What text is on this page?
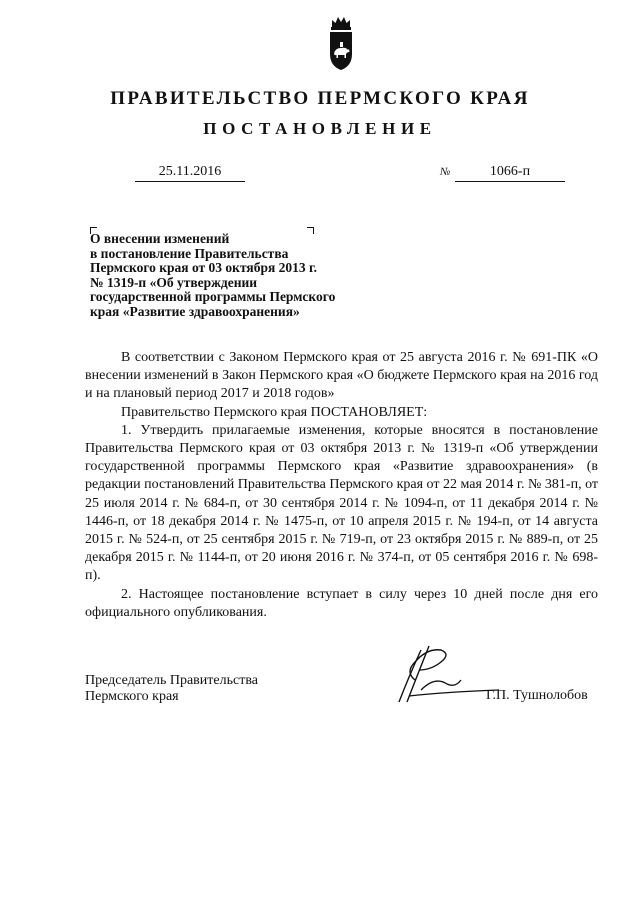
ПРАВИТЕЛЬСТВО ПЕРМСКОГО КРАЯ
ПОСТАНОВЛЕНИЕ
25.11.2016	№	1066-п
О внесении изменений
в постановление Правительства
Пермского края от 03 октября 2013 г.
№ 1319-п «Об утверждении
государственной программы Пермского
края «Развитие здравоохранения»

В соответствии с Законом Пермского края от 25 августа 2016 г. № 691-ПК «О внесении изменений в Закон Пермского края «О бюджете Пермского края на 2016 год и на плановый период 2017 и 2018 годов»

Правительство Пермского края ПОСТАНОВЛЯЕТ:

1. Утвердить прилагаемые изменения, которые вносятся в постановление Правительства Пермского края от 03 октября 2013 г. № 1319-п «Об утверждении государственной программы Пермского края «Развитие здравоохранения» (в редакции постановлений Правительства Пермского края от 22 мая 2014 г. № 381-п, от 25 июля 2014 г. № 684-п, от 30 сентября 2014 г. № 1094-п, от 11 декабря 2014 г. № 1446-п, от 18 декабря 2014 г. № 1475-п, от 10 апреля 2015 г. № 194-п, от 14 августа 2015 г. № 524-п, от 25 сентября 2015 г. № 719-п, от 23 октября 2015 г. № 889-п, от 25 декабря 2015 г. № 1144-п, от 20 июня 2016 г. № 374-п, от 05 сентября 2016 г. № 698-п).

2. Настоящее постановление вступает в силу через 10 дней после дня его официального опубликования.

Председатель Правительства
Пермского края	Г.П. Тушнолобов
